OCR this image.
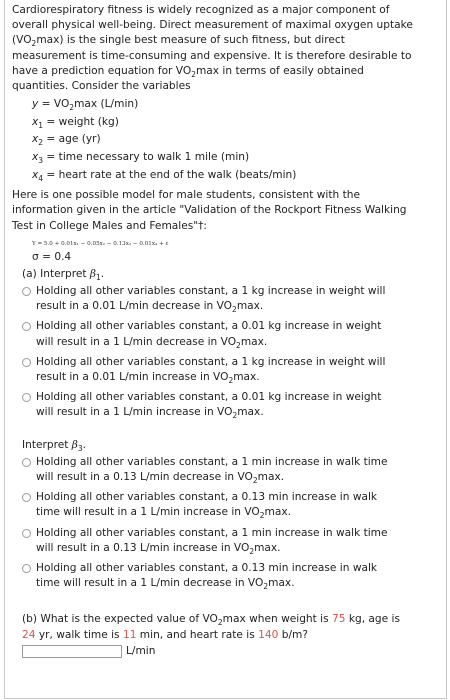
Cardiorespiratory fitness is widely recognized as a major component of

overall physical well-being. Direct measurement of maximal oxygen uptake

$(VO_2\max)$ is the single best measure of such fitness, but direct

measurement is time-consuming and expensive. It is therefore desirable to

have a prediction equation for $VO_2\max$ in terms of easily obtained

quantities. Consider the variables

$y = VO_2\max$ (L/min)
$x_1$ = weight (kg)
$x_2$ = age (yr)
$x_3$ = time necessary to walk 1 mile (min)
$x_4$ = heart rate at the end of the walk (beats/min)

Here is one possible model for male students, consistent with the

information given in the article "Validation of the Rockport Fitness Walking

Test in College Males and Females"†:

Y = 5.0 + 0.01x₁ − 0.05x₂ − 0.13x₃ − 0.01x₄ + ε
σ = 0.4
(a) Interpret $\beta_1$.
Holding all other variables constant, a 1 kg increase in weight will
result in a 0.01 L/min decrease in $VO_2\max$.
Holding all other variables constant, a 0.01 kg increase in weight
will result in a 1 L/min decrease in $VO_2\max$.
Holding all other variables constant, a 1 kg increase in weight will
result in a 0.01 L/min increase in $VO_2\max$.
Holding all other variables constant, a 0.01 kg increase in weight
will result in a 1 L/min increase in $VO_2\max$.
Interpret $\beta_3$.
Holding all other variables constant, a 1 min increase in walk time
will result in a 0.13 L/min decrease in $VO_2\max$.
Holding all other variables constant, a 0.13 min increase in walk
time will result in a 1 L/min increase in $VO_2\max$.
Holding all other variables constant, a 1 min increase in walk time
will result in a 0.13 L/min increase in $VO_2\max$.
Holding all other variables constant, a 0.13 min increase in walk
time will result in a 1 L/min decrease in $VO_2\max$.
(b) What is the expected value of $VO_2\max$ when weight is 75 kg, age is
24 yr, walk time is 11 min, and heart rate is 140 b/m?
L/min
